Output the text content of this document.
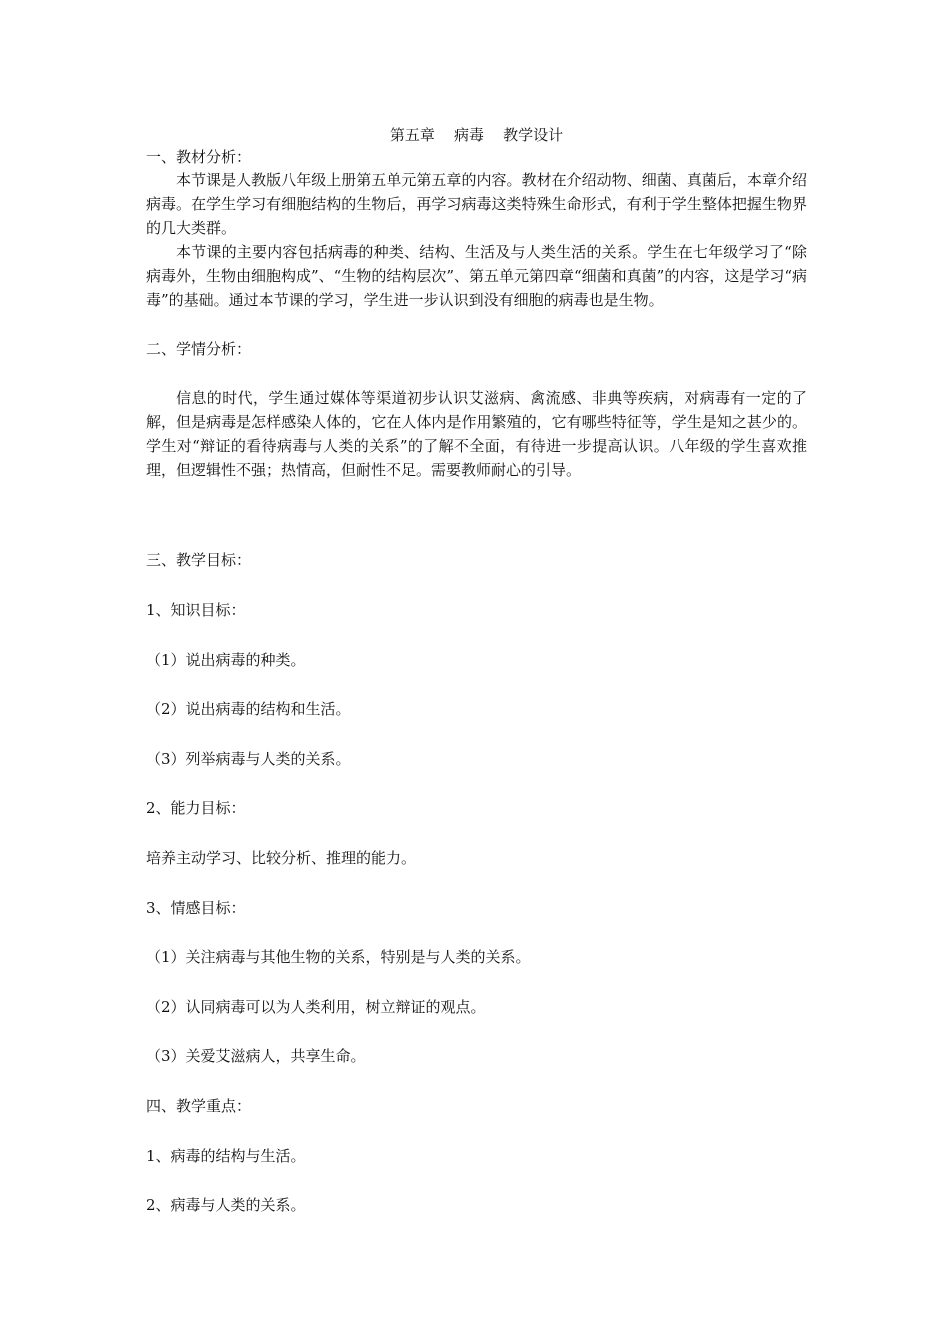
第五章    病毒    教学设计
一、教材分析：

本节课是人教版八年级上册第五单元第五章的内容。教材在介绍动物、细菌、真菌后，本章介绍病毒。在学生学习有细胞结构的生物后，再学习病毒这类特殊生命形式，有利于学生整体把握生物界的几大类群。

本节课的主要内容包括病毒的种类、结构、生活及与人类生活的关系。学生在七年级学习了“除病毒外，生物由细胞构成”、“生物的结构层次”、第五单元第四章“细菌和真菌”的内容，这是学习“病毒”的基础。通过本节课的学习，学生进一步认识到没有细胞的病毒也是生物。

二、学情分析：

信息的时代，学生通过媒体等渠道初步认识艾滋病、禽流感、非典等疾病，对病毒有一定的了解，但是病毒是怎样感染人体的，它在人体内是作用繁殖的，它有哪些特征等，学生是知之甚少的。学生对“辩证的看待病毒与人类的关系”的了解不全面，有待进一步提高认识。八年级的学生喜欢推理，但逻辑性不强；热情高，但耐性不足。需要教师耐心的引导。

三、教学目标：
1、知识目标：
（1）说出病毒的种类。
（2）说出病毒的结构和生活。
（3）列举病毒与人类的关系。
2、能力目标：
培养主动学习、比较分析、推理的能力。
3、情感目标：
（1）关注病毒与其他生物的关系，特别是与人类的关系。
（2）认同病毒可以为人类利用，树立辩证的观点。
（3）关爱艾滋病人，共享生命。
四、教学重点：
1、病毒的结构与生活。
2、病毒与人类的关系。
